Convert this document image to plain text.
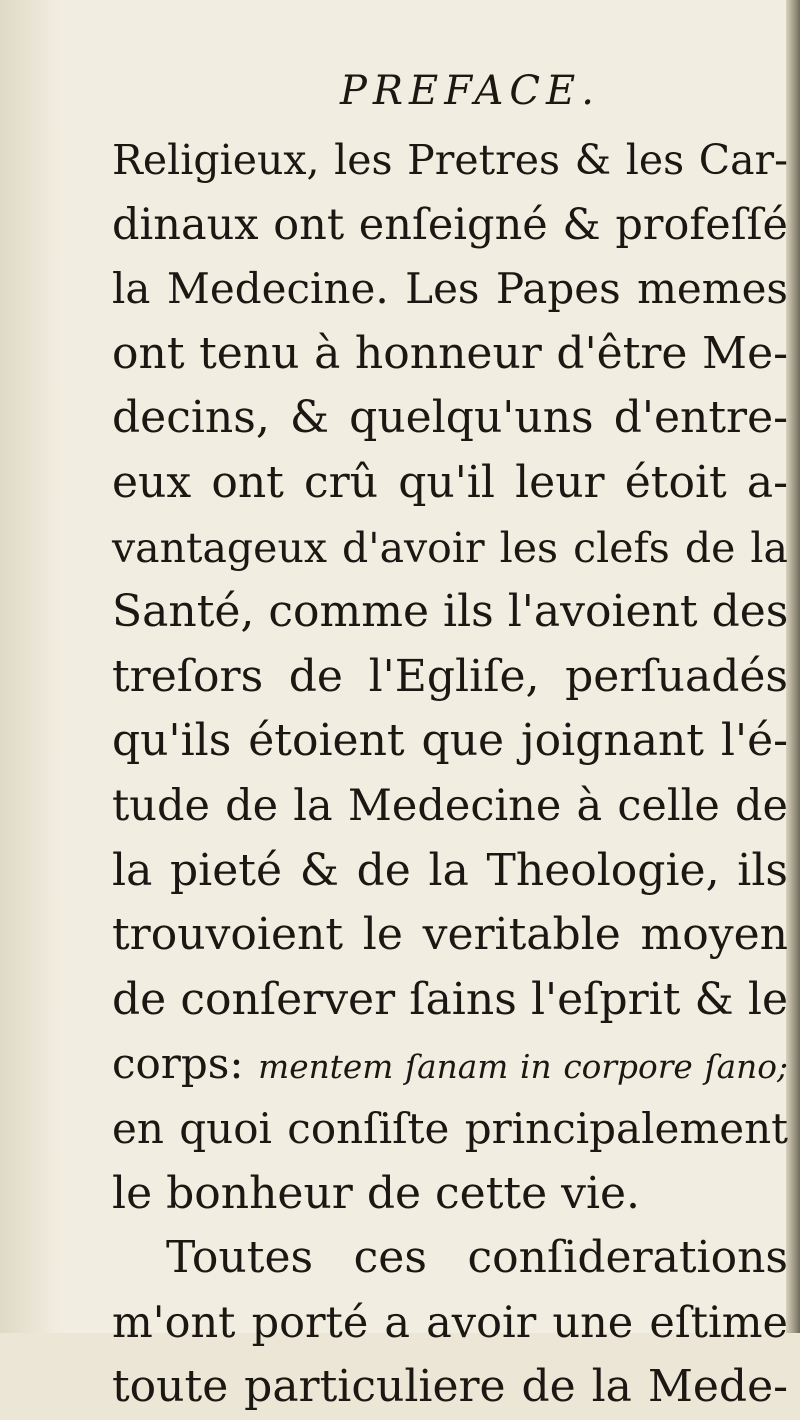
PREFACE.
Religieux, les Pretres & les Car-
dinaux ont enſeigné & profeſſé
la Medecine. Les Papes memes
ont tenu à honneur d'être Me-
decins, & quelqu'uns d'entre-
eux ont crû qu'il leur étoit a-
vantageux d'avoir les clefs de la
Santé, comme ils l'avoient des
treſors de l'Egliſe, perſuadés
qu'ils étoient que joignant l'é-
tude de la Medecine à celle de
la pieté & de la Theologie, ils
trouvoient le veritable moyen
de conſerver ſains l'eſprit & le
corps: mentem ſanam in corpore ſano;
en quoi conſiſte principalement
le bonheur de cette vie.
Toutes ces conſiderations
m'ont porté a avoir une eſtime
toute particuliere de la Mede-
